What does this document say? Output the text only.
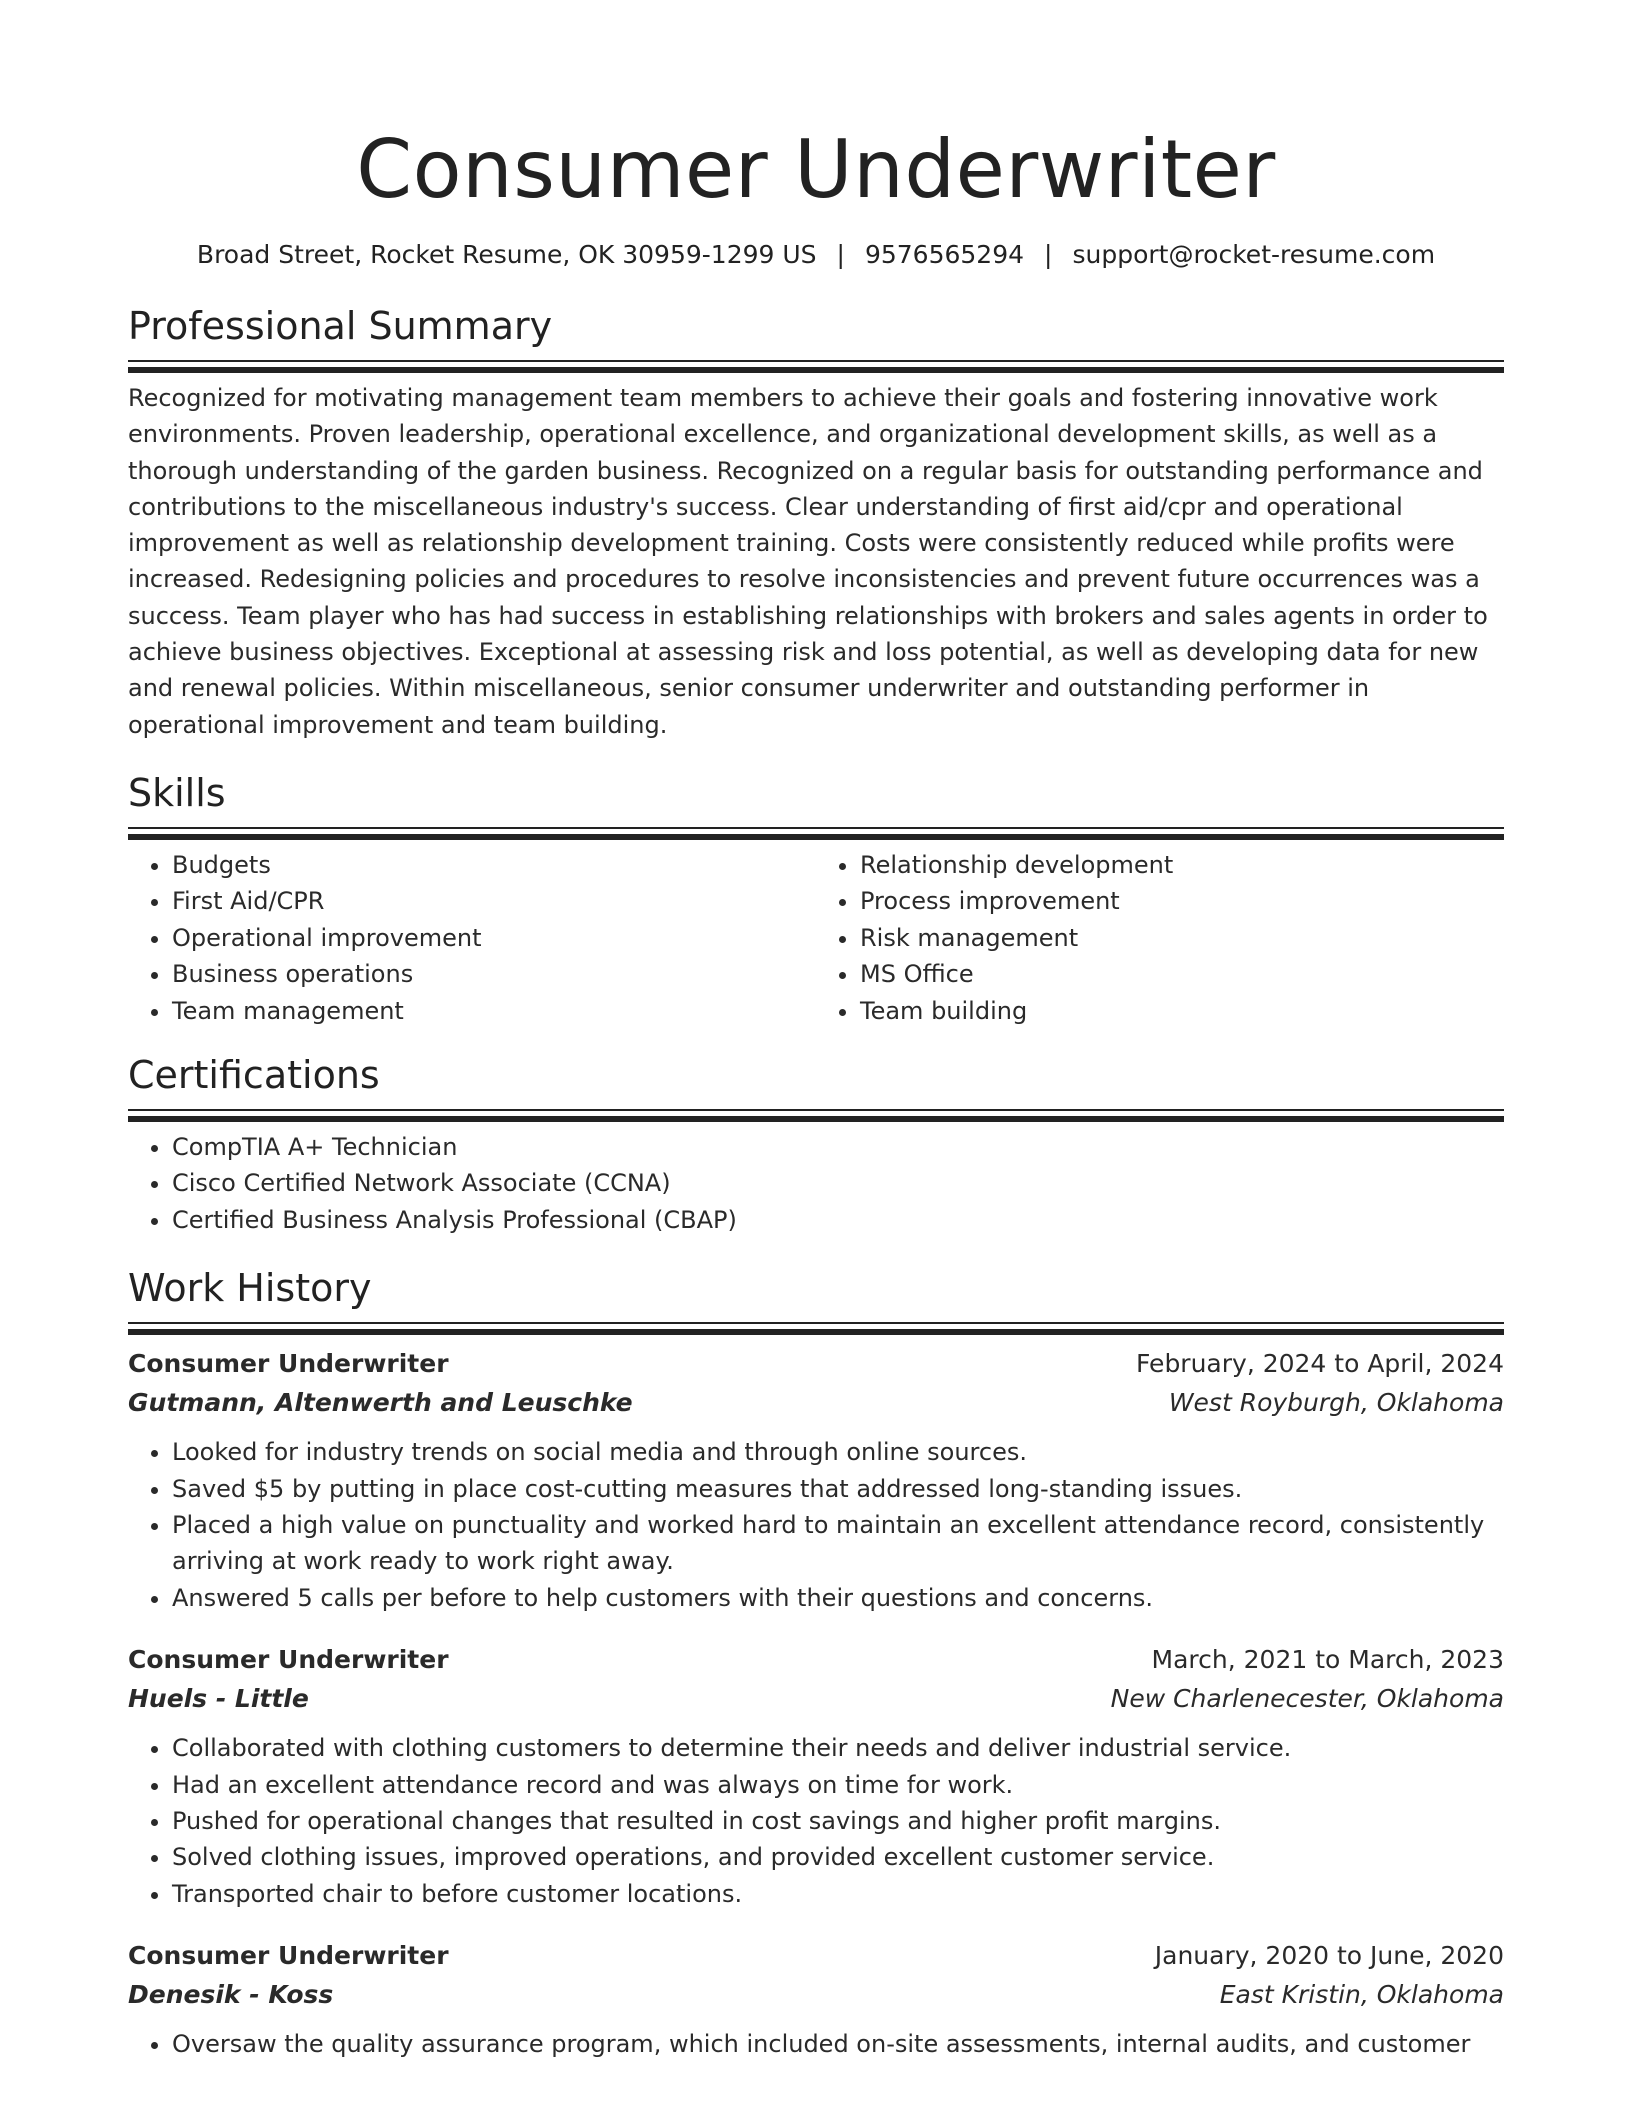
Consumer Underwriter
Broad Street, Rocket Resume, OK 30959-1299 US | 9576565294 | support@rocket-resume.com
Professional Summary
Recognized for motivating management team members to achieve their goals and fostering innovative work environments. Proven leadership, operational excellence, and organizational development skills, as well as a thorough understanding of the garden business. Recognized on a regular basis for outstanding performance and contributions to the miscellaneous industry's success. Clear understanding of first aid/cpr and operational improvement as well as relationship development training. Costs were consistently reduced while profits were increased. Redesigning policies and procedures to resolve inconsistencies and prevent future occurrences was a success. Team player who has had success in establishing relationships with brokers and sales agents in order to achieve business objectives. Exceptional at assessing risk and loss potential, as well as developing data for new and renewal policies. Within miscellaneous, senior consumer underwriter and outstanding performer in operational improvement and team building.
Skills
• Budgets
• First Aid/CPR
• Operational improvement
• Business operations
• Team management
• Relationship development
• Process improvement
• Risk management
• MS Office
• Team building
Certifications
• CompTIA A+ Technician
• Cisco Certified Network Associate (CCNA)
• Certified Business Analysis Professional (CBAP)
Work History
Consumer Underwriter	February, 2024 to April, 2024
Gutmann, Altenwerth and Leuschke	West Royburgh, Oklahoma
• Looked for industry trends on social media and through online sources.
• Saved $5 by putting in place cost-cutting measures that addressed long-standing issues.
• Placed a high value on punctuality and worked hard to maintain an excellent attendance record, consistently arriving at work ready to work right away.
• Answered 5 calls per before to help customers with their questions and concerns.
Consumer Underwriter	March, 2021 to March, 2023
Huels - Little	New Charlenecester, Oklahoma
• Collaborated with clothing customers to determine their needs and deliver industrial service.
• Had an excellent attendance record and was always on time for work.
• Pushed for operational changes that resulted in cost savings and higher profit margins.
• Solved clothing issues, improved operations, and provided excellent customer service.
• Transported chair to before customer locations.
Consumer Underwriter	January, 2020 to June, 2020
Denesik - Koss	East Kristin, Oklahoma
• Oversaw the quality assurance program, which included on-site assessments, internal audits, and customer
